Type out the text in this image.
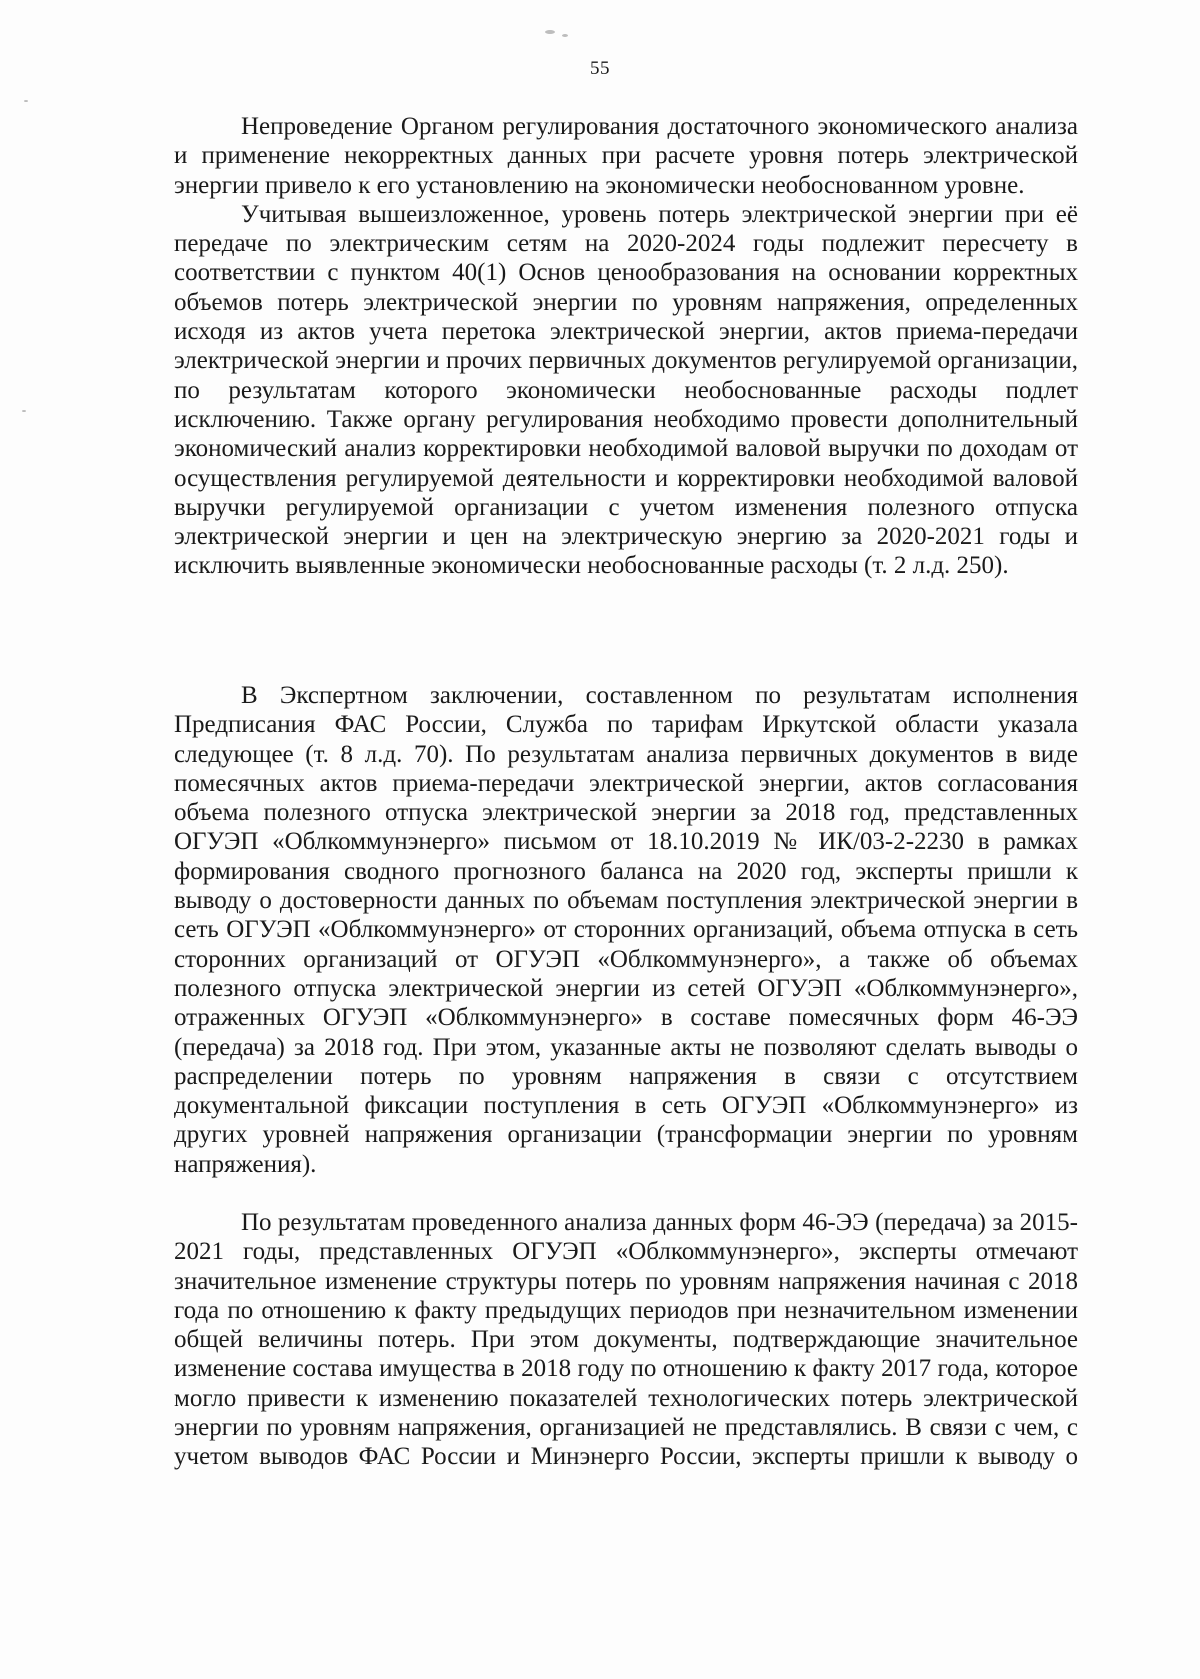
55

Непроведение Органом регулирования достаточного экономического анализа и применение некорректных данных при расчете уровня потерь электрической энергии привело к его установлению на экономически необоснованном уровне.

Учитывая вышеизложенное, уровень потерь электрической энергии при её передаче по электрическим сетям на 2020-2024 годы подлежит пересчету в соответствии с пунктом 40(1) Основ ценообразования на основании корректных объемов потерь электрической энергии по уровням напряжения, определенных исходя из актов учета перетока электрической энергии, актов приема-передачи электрической энергии и прочих первичных документов регулируемой организации, по результатам которого экономически необоснованные расходы подлет исключению. Также органу регулирования необходимо провести дополнительный экономический анализ корректировки необходимой валовой выручки по доходам от осуществления регулируемой деятельности и корректировки необходимой валовой выручки регулируемой организации с учетом изменения полезного отпуска электрической энергии и цен на электрическую энергию за 2020-2021 годы и исключить выявленные экономически необоснованные расходы (т. 2 л.д. 250).

В Экспертном заключении, составленном по результатам исполнения Предписания ФАС России, Служба по тарифам Иркутской области указала следующее (т. 8 л.д. 70). По результатам анализа первичных документов в виде помесячных актов приема-передачи электрической энергии, актов согласования объема полезного отпуска электрической энергии за 2018 год, представленных ОГУЭП «Облкоммунэнерго» письмом от 18.10.2019 № ИК/03-2-2230 в рамках формирования сводного прогнозного баланса на 2020 год, эксперты пришли к выводу о достоверности данных по объемам поступления электрической энергии в сеть ОГУЭП «Облкоммунэнерго» от сторонних организаций, объема отпуска в сеть сторонних организаций от ОГУЭП «Облкоммунэнерго», а также об объемах полезного отпуска электрической энергии из сетей ОГУЭП «Облкоммунэнерго», отраженных ОГУЭП «Облкоммунэнерго» в составе помесячных форм 46-ЭЭ (передача) за 2018 год. При этом, указанные акты не позволяют сделать выводы о распределении потерь по уровням напряжения в связи с отсутствием документальной фиксации поступления в сеть ОГУЭП «Облкоммунэнерго» из других уровней напряжения организации (трансформации энергии по уровням напряжения).

По результатам проведенного анализа данных форм 46-ЭЭ (передача) за 2015-2021 годы, представленных ОГУЭП «Облкоммунэнерго», эксперты отмечают значительное изменение структуры потерь по уровням напряжения начиная с 2018 года по отношению к факту предыдущих периодов при незначительном изменении общей величины потерь. При этом документы, подтверждающие значительное изменение состава имущества в 2018 году по отношению к факту 2017 года, которое могло привести к изменению показателей технологических потерь электрической энергии по уровням напряжения, организацией не представлялись. В связи с чем, с учетом выводов ФАС России и Минэнерго России, эксперты пришли к выводу о
